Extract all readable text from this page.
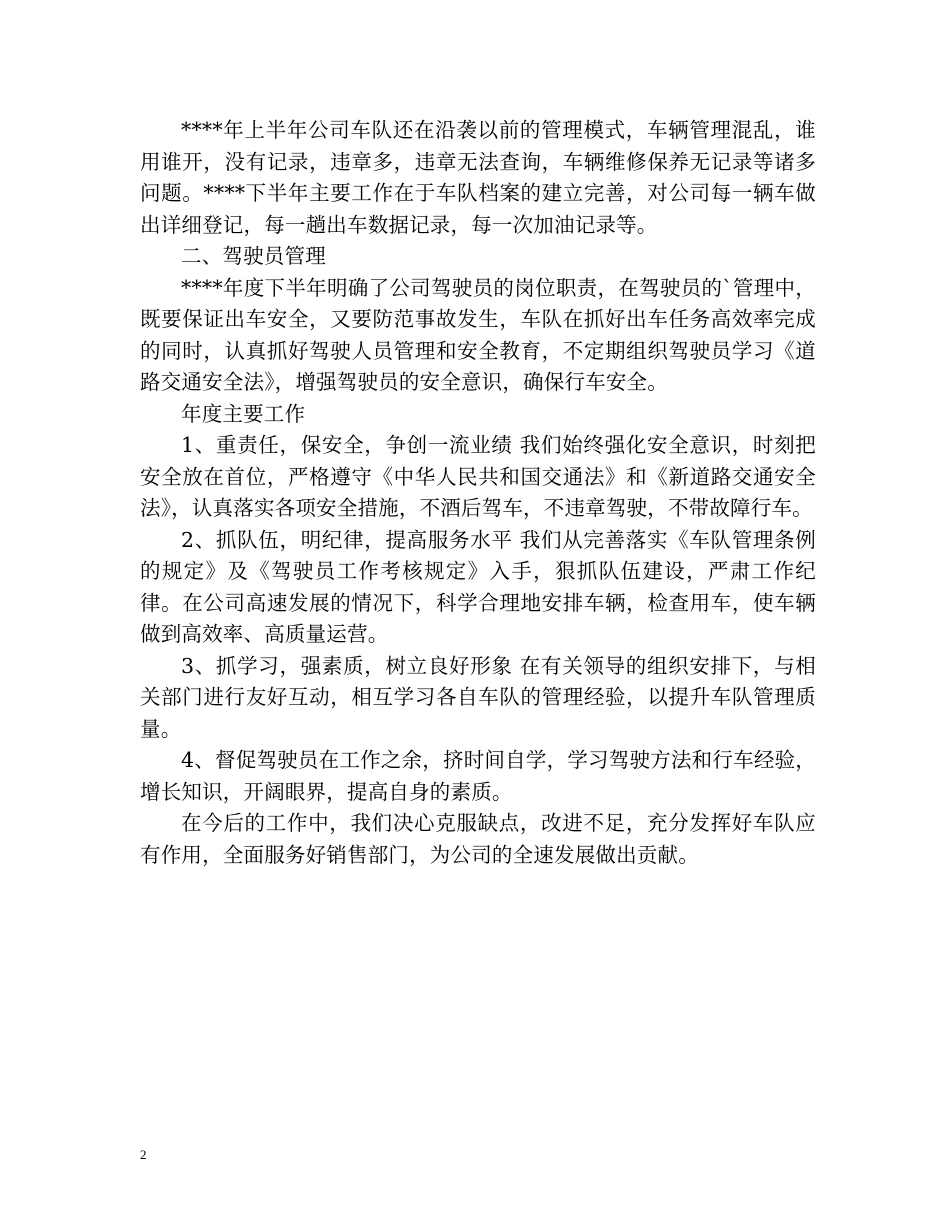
****年上半年公司车队还在沿袭以前的管理模式，车辆管理混乱，谁用谁开，没有记录，违章多，违章无法查询，车辆维修保养无记录等诸多问题。****下半年主要工作在于车队档案的建立完善，对公司每一辆车做出详细登记，每一趟出车数据记录，每一次加油记录等。

二、驾驶员管理

****年度下半年明确了公司驾驶员的岗位职责，在驾驶员的`管理中，既要保证出车安全，又要防范事故发生，车队在抓好出车任务高效率完成的同时，认真抓好驾驶人员管理和安全教育，不定期组织驾驶员学习《道路交通安全法》，增强驾驶员的安全意识，确保行车安全。

年度主要工作

1、重责任，保安全，争创一流业绩 我们始终强化安全意识，时刻把安全放在首位，严格遵守《中华人民共和国交通法》和《新道路交通安全法》，认真落实各项安全措施，不酒后驾车，不违章驾驶，不带故障行车。

2、抓队伍，明纪律，提高服务水平 我们从完善落实《车队管理条例的规定》及《驾驶员工作考核规定》入手，狠抓队伍建设，严肃工作纪律。在公司高速发展的情况下，科学合理地安排车辆，检查用车，使车辆做到高效率、高质量运营。

3、抓学习，强素质，树立良好形象 在有关领导的组织安排下，与相关部门进行友好互动，相互学习各自车队的管理经验，以提升车队管理质量。

4、督促驾驶员在工作之余，挤时间自学，学习驾驶方法和行车经验，增长知识，开阔眼界，提高自身的素质。

在今后的工作中，我们决心克服缺点，改进不足，充分发挥好车队应有作用，全面服务好销售部门，为公司的全速发展做出贡献。

2
